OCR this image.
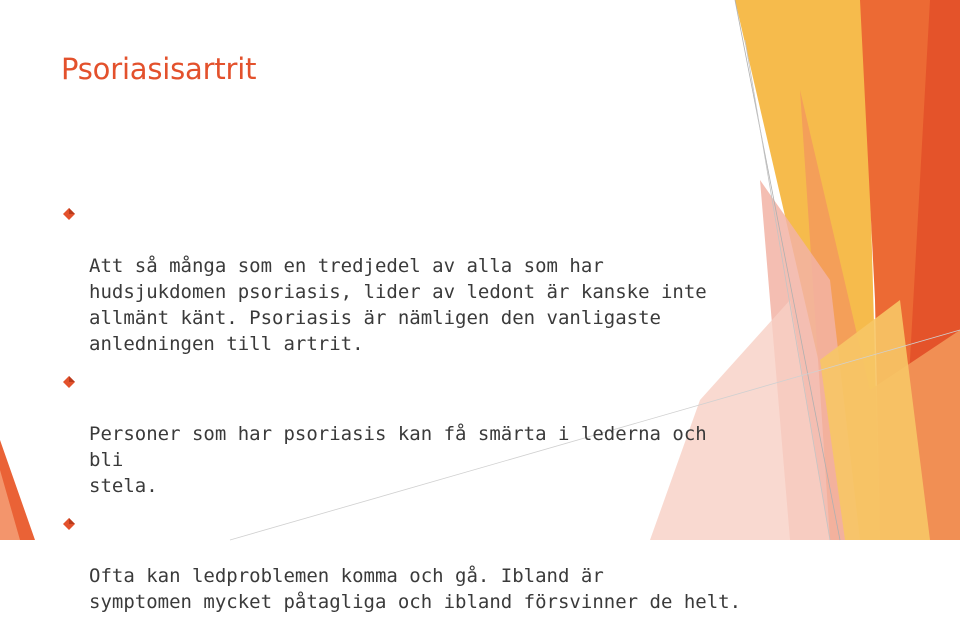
Psoriasisartrit

Att så många som en tredjedel av alla som har
hudsjukdomen psoriasis, lider av ledont är kanske inte
allmänt känt. Psoriasis är nämligen den vanligaste
anledningen till artrit.

Personer som har psoriasis kan få smärta i lederna och bli
stela.

Ofta kan ledproblemen komma och gå. Ibland är
symptomen mycket påtagliga och ibland försvinner de helt.
